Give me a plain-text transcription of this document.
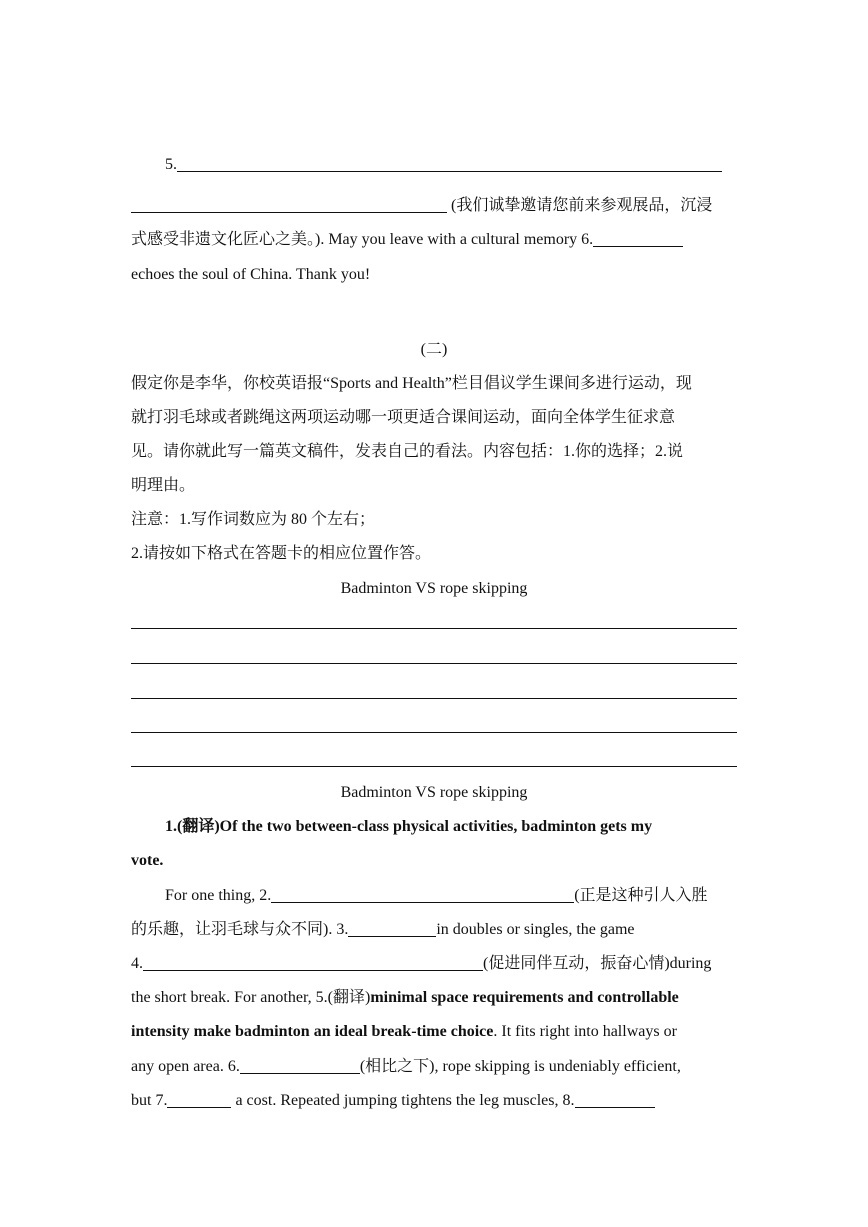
5.
(我们诚挚邀请您前来参观展品，沉浸
式感受非遗文化匠心之美。). May you leave with a cultural memory 6.
echoes the soul of China. Thank you!
(二)
假定你是李华，你校英语报“Sports and Health”栏目倡议学生课间多进行运动，现
就打羽毛球或者跳绳这两项运动哪一项更适合课间运动，面向全体学生征求意
见。请你就此写一篇英文稿件，发表自己的看法。内容包括：1.你的选择；2.说
明理由。
注意：1.写作词数应为 80 个左右；
2.请按如下格式在答题卡的相应位置作答。
Badminton VS rope skipping
Badminton VS rope skipping
1.(翻译)Of the two between-class physical activities, badminton gets my
vote.
For one thing, 2.	(正是这种引人入胜
的乐趣，让羽毛球与众不同). 3.	in doubles or singles, the game
4.	(促进同伴互动，振奋心情)during
the short break. For another, 5.(翻译)minimal space requirements and controllable
intensity make badminton an ideal break-time choice. It fits right into hallways or
any open area. 6.	(相比之下), rope skipping is undeniably efficient,
but 7.	a cost. Repeated jumping tightens the leg muscles, 8.
